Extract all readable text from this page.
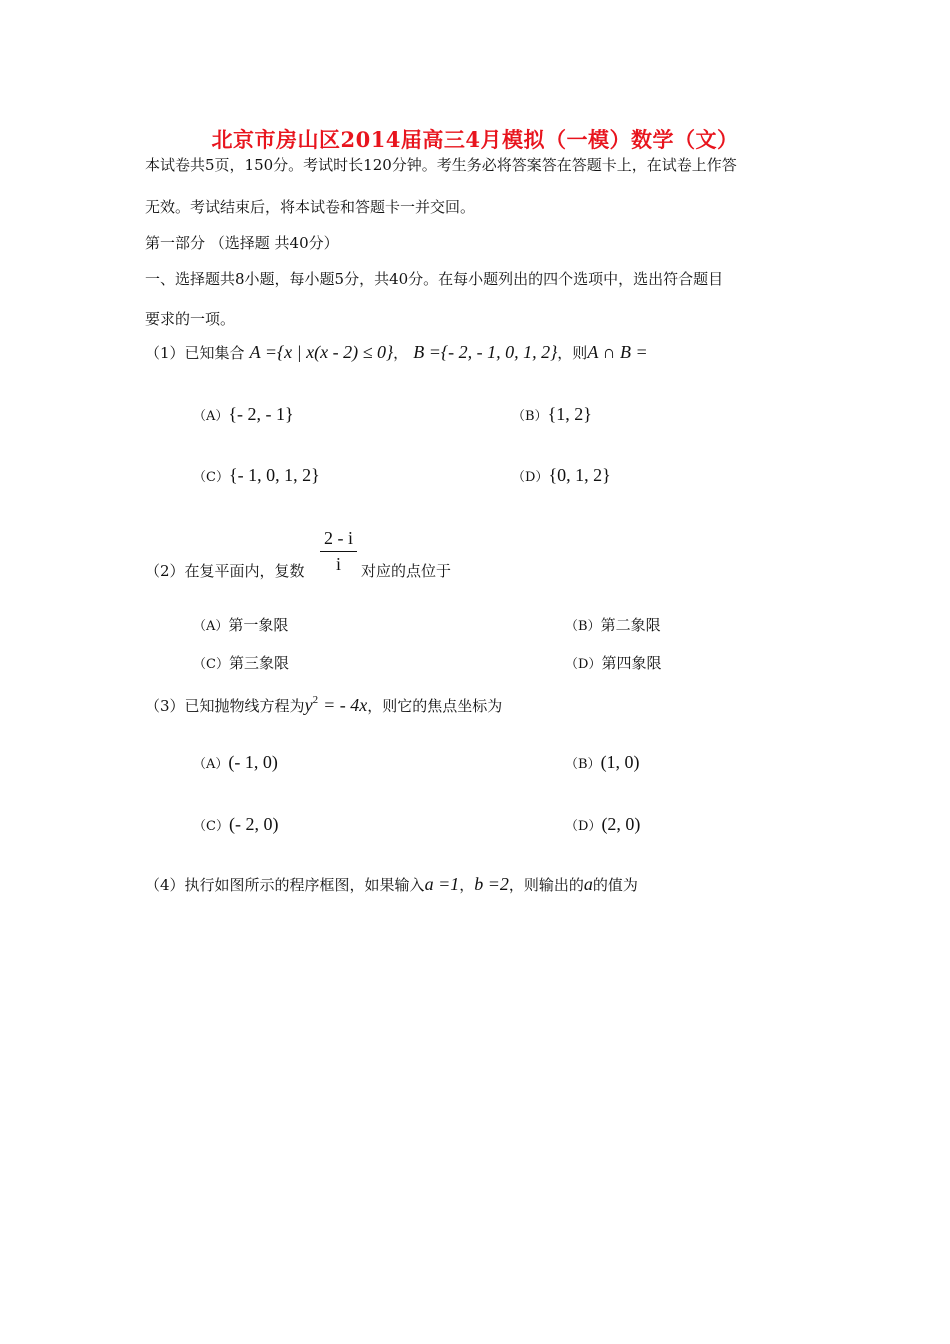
北京市房山区2014届高三4月模拟（一模）数学（文）
本试卷共5页，150分。考试时长120分钟。考生务必将答案答在答题卡上，在试卷上作答
无效。考试结束后，将本试卷和答题卡一并交回。
第一部分 （选择题 共40分）
一、选择题共8小题，每小题5分，共40分。在每小题列出的四个选项中，选出符合题目
要求的一项。
（1）已知集合 A ={x | x(x - 2) ≤ 0}， B ={- 2, - 1, 0, 1, 2}，则A ∩ B =
（A）{- 2, - 1}	（B）{1, 2}
（C）{- 1, 0, 1, 2}	（D）{0, 1, 2}
（2）在复平面内，复数
2 - i
i	对应的点位于
（A）第一象限	（B）第二象限
（C）第三象限	（D）第四象限
（3）已知抛物线方程为$y^2$ = - 4x，则它的焦点坐标为
（A）(- 1, 0)	（B）(1, 0)
（C）(- 2, 0)	（D）(2, 0)
（4）执行如图所示的程序框图，如果输入a =1，b =2，则输出的a的值为
